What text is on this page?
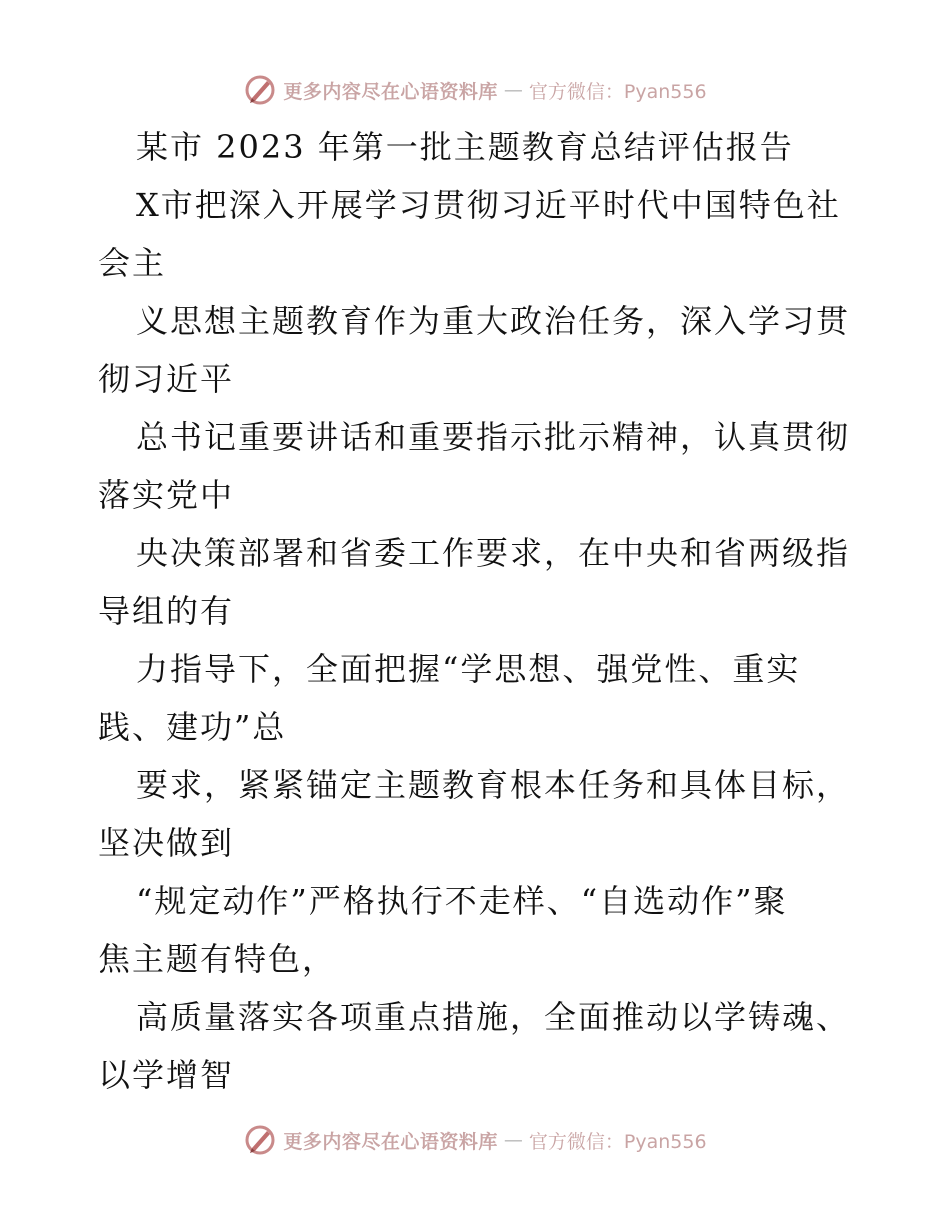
更多内容尽在心语资料库 — 官方微信：Pyan556
某市 2023 年第一批主题教育总结评估报告
X市把深入开展学习贯彻习近平时代中国特色社
会主
义思想主题教育作为重大政治任务，深入学习贯
彻习近平
总书记重要讲话和重要指示批示精神，认真贯彻
落实党中
央决策部署和省委工作要求，在中央和省两级指
导组的有
力指导下，全面把握“学思想、强党性、重实
践、建功”总
要求，紧紧锚定主题教育根本任务和具体目标，
坚决做到
“规定动作”严格执行不走样、“自选动作”聚
焦主题有特色，
高质量落实各项重点措施，全面推动以学铸魂、
以学增智
更多内容尽在心语资料库 — 官方微信：Pyan556
